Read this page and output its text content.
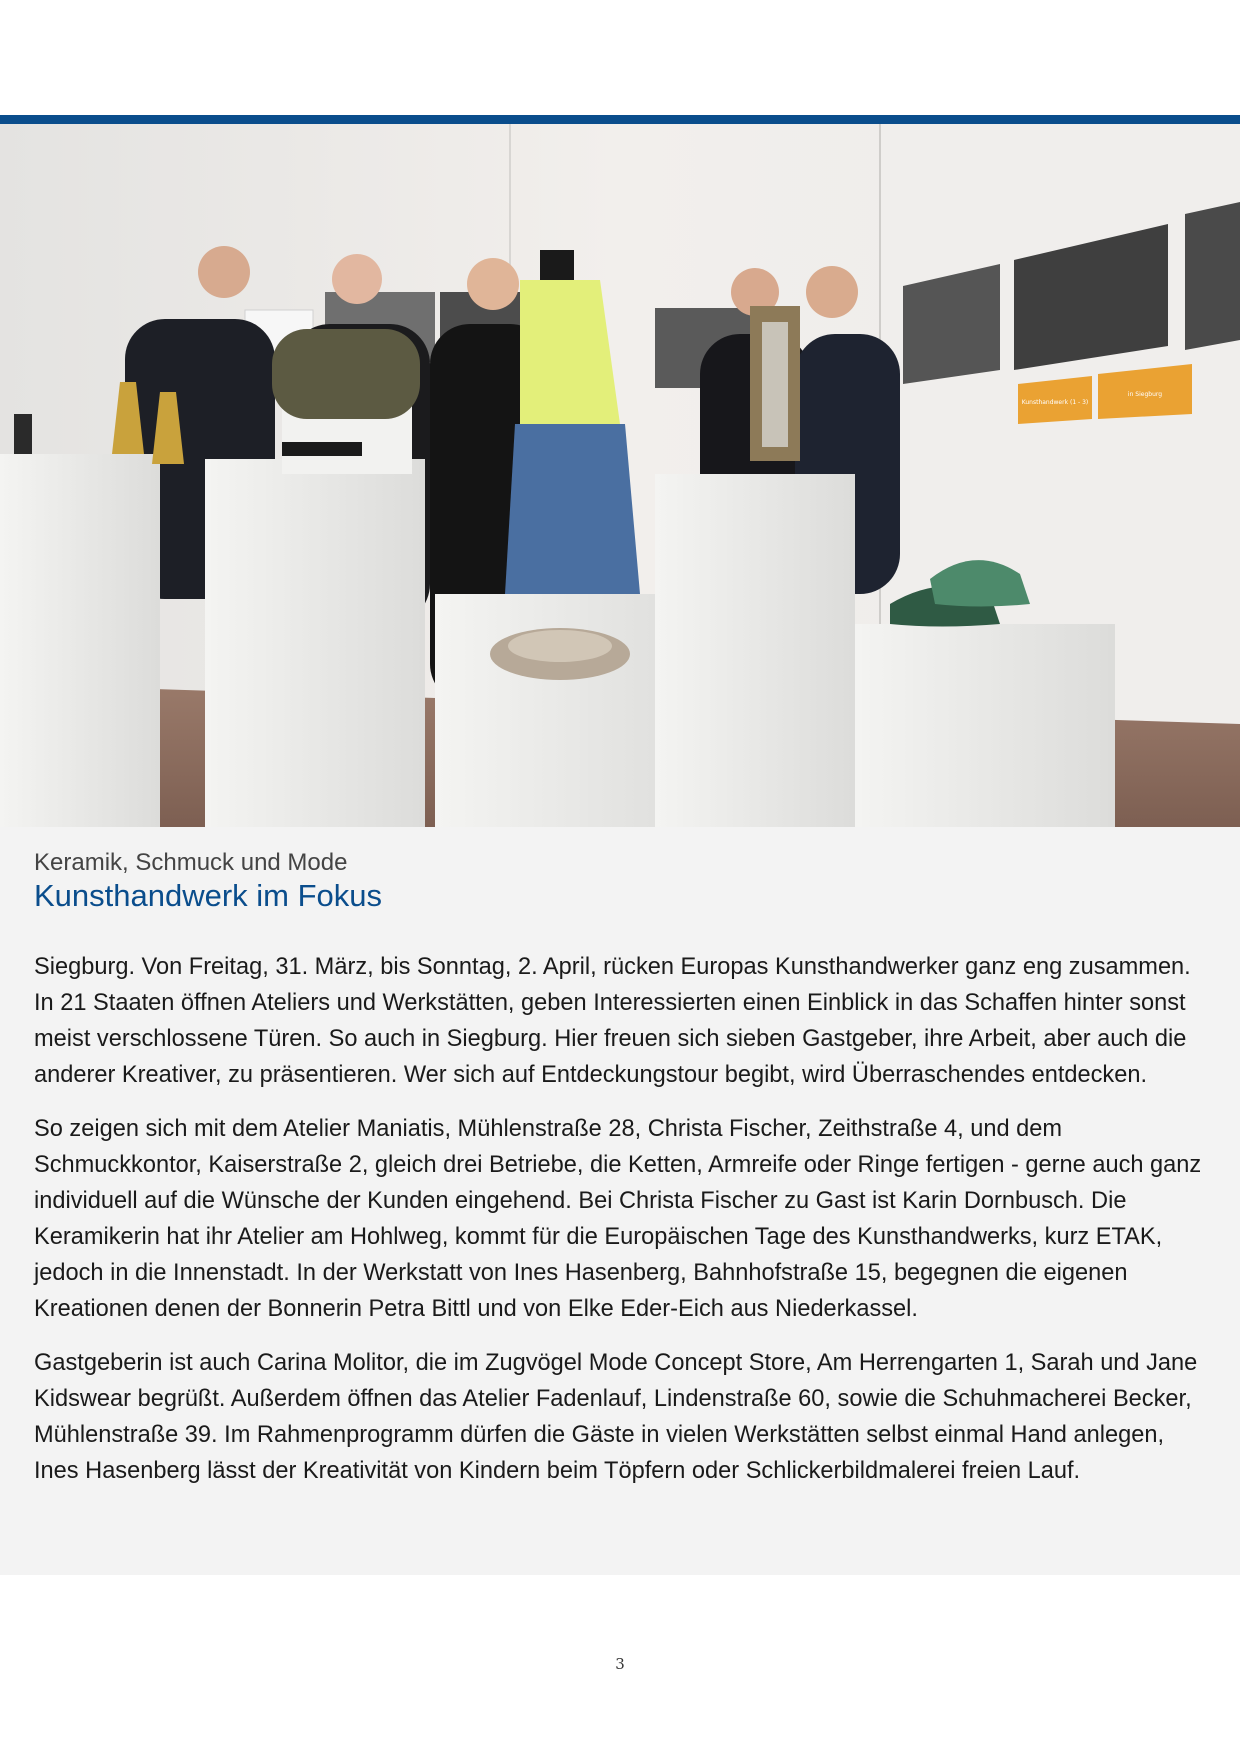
Kunsthandwerk (1 - 3)
in Siegburg
Keramik, Schmuck und Mode
Kunsthandwerk im Fokus

Siegburg. Von Freitag, 31. März, bis Sonntag, 2. April, rücken Europas Kunsthandwerker ganz eng zusammen. In 21 Staaten öffnen Ateliers und Werkstätten, geben Interessierten einen Einblick in das Schaffen hinter sonst meist verschlossene Türen. So auch in Siegburg. Hier freuen sich sieben Gastgeber, ihre Arbeit, aber auch die anderer Kreativer, zu präsentieren. Wer sich auf Entdeckungstour begibt, wird Überraschendes entdecken.

So zeigen sich mit dem Atelier Maniatis, Mühlenstraße 28, Christa Fischer, Zeithstraße 4, und dem Schmuckkontor, Kaiserstraße 2, gleich drei Betriebe, die Ketten, Armreife oder Ringe fertigen - gerne auch ganz individuell auf die Wünsche der Kunden eingehend. Bei Christa Fischer zu Gast ist Karin Dornbusch. Die Keramikerin hat ihr Atelier am Hohlweg, kommt für die Europäischen Tage des Kunsthandwerks, kurz ETAK, jedoch in die Innenstadt. In der Werkstatt von Ines Hasenberg, Bahnhofstraße 15, begegnen die eigenen Kreationen denen der Bonnerin Petra Bittl und von Elke Eder-Eich aus Niederkassel.

Gastgeberin ist auch Carina Molitor, die im Zugvögel Mode Concept Store, Am Herrengarten 1, Sarah und Jane Kidswear begrüßt. Außerdem öffnen das Atelier Fadenlauf, Lindenstraße 60, sowie die Schuhmacherei Becker, Mühlenstraße 39. Im Rahmenprogramm dürfen die Gäste in vielen Werkstätten selbst einmal Hand anlegen, Ines Hasenberg lässt der Kreativität von Kindern beim Töpfern oder Schlickerbildmalerei freien Lauf.

3
